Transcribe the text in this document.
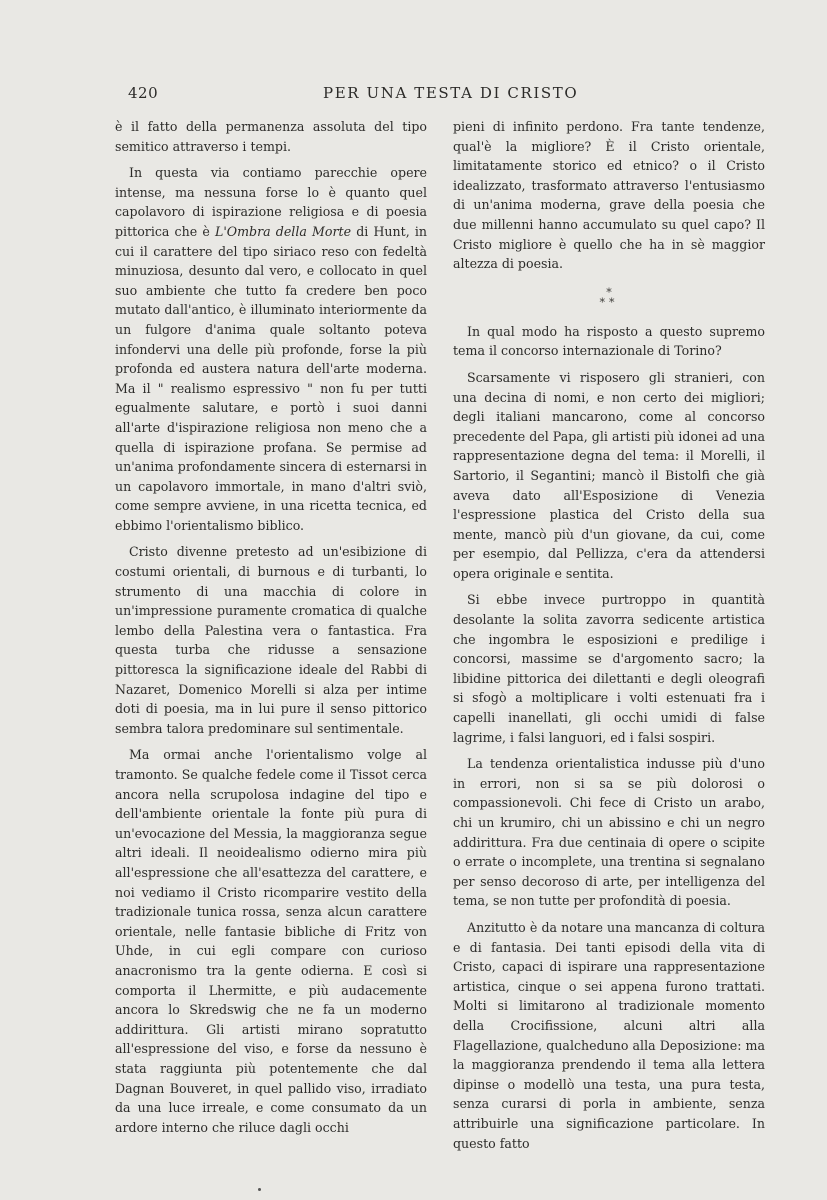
420	PER UNA TESTA DI CRISTO

è il fatto della permanenza assoluta del tipo semitico attraverso i tempi.

In questa via contiamo parecchie opere intense, ma nessuna forse lo è quanto quel capolavoro di ispirazione religiosa e di poesia pittorica che è L'Ombra della Morte di Hunt, in cui il carattere del tipo siriaco reso con fedeltà minuziosa, desunto dal vero, e collocato in quel suo ambiente che tutto fa credere ben poco mutato dall'antico, è illuminato interiormente da un fulgore d'anima quale soltanto poteva infondervi una delle più profonde, forse la più profonda ed austera natura dell'arte moderna. Ma il " realismo espressivo " non fu per tutti egualmente salutare, e portò i suoi danni all'arte d'ispirazione religiosa non meno che a quella di ispirazione profana. Se permise ad un'anima profondamente sincera di esternarsi in un capolavoro immortale, in mano d'altri sviò, come sempre avviene, in una ricetta tecnica, ed ebbimo l'orientalismo biblico.

Cristo divenne pretesto ad un'esibizione di costumi orientali, di burnous e di turbanti, lo strumento di una macchia di colore in un'impressione puramente cromatica di qualche lembo della Palestina vera o fantastica. Fra questa turba che ridusse a sensazione pittoresca la significazione ideale del Rabbi di Nazaret, Domenico Morelli si alza per intime doti di poesia, ma in lui pure il senso pittorico sembra talora predominare sul sentimentale.

Ma ormai anche l'orientalismo volge al tramonto. Se qualche fedele come il Tissot cerca ancora nella scrupolosa indagine del tipo e dell'ambiente orientale la fonte più pura di un'evocazione del Messia, la maggioranza segue altri ideali. Il neoidealismo odierno mira più all'espressione che all'esattezza del carattere, e noi vediamo il Cristo ricomparire vestito della tradizionale tunica rossa, senza alcun carattere orientale, nelle fantasie bibliche di Fritz von Uhde, in cui egli compare con curioso anacronismo tra la gente odierna. E così si comporta il Lhermitte, e più audacemente ancora lo Skredswig che ne fa un moderno addirittura. Gli artisti mirano sopratutto all'espressione del viso, e forse da nessuno è stata raggiunta più potentemente che dal Dagnan Bouveret, in quel pallido viso, irradiato da una luce irreale, e come consumato da un ardore interno che riluce dagli occhi

pieni di infinito perdono. Fra tante tendenze, qual'è la migliore? È il Cristo orientale, limitatamente storico ed etnico? o il Cristo idealizzato, trasformato attraverso l'entusiasmo di un'anima moderna, grave della poesia che due millenni hanno accumulato su quel capo? Il Cristo migliore è quello che ha in sè maggior altezza di poesia.

*
**

In qual modo ha risposto a questo supremo tema il concorso internazionale di Torino?

Scarsamente vi risposero gli stranieri, con una decina di nomi, e non certo dei migliori; degli italiani mancarono, come al concorso precedente del Papa, gli artisti più idonei ad una rappresentazione degna del tema: il Morelli, il Sartorio, il Segantini; mancò il Bistolfi che già aveva dato all'Esposizione di Venezia l'espressione plastica del Cristo della sua mente, mancò più d'un giovane, da cui, come per esempio, dal Pellizza, c'era da attendersi opera originale e sentita.

Si ebbe invece purtroppo in quantità desolante la solita zavorra sedicente artistica che ingombra le esposizioni e predilige i concorsi, massime se d'argomento sacro; la libidine pittorica dei dilettanti e degli oleografi si sfogò a moltiplicare i volti estenuati fra i capelli inanellati, gli occhi umidi di false lagrime, i falsi languori, ed i falsi sospiri.

La tendenza orientalistica indusse più d'uno in errori, non si sa se più dolorosi o compassionevoli. Chi fece di Cristo un arabo, chi un krumiro, chi un abissino e chi un negro addirittura. Fra due centinaia di opere o scipite o errate o incomplete, una trentina si segnalano per senso decoroso di arte, per intelligenza del tema, se non tutte per profondità di poesia.

Anzitutto è da notare una mancanza di coltura e di fantasia. Dei tanti episodi della vita di Cristo, capaci di ispirare una rappresentazione artistica, cinque o sei appena furono trattati. Molti si limitarono al tradizionale momento della Crocifissione, alcuni altri alla Flagellazione, qualcheduno alla Deposizione: ma la maggioranza prendendo il tema alla lettera dipinse o modellò una testa, una pura testa, senza curarsi di porla in ambiente, senza attribuirle una significazione particolare. In questo fatto
